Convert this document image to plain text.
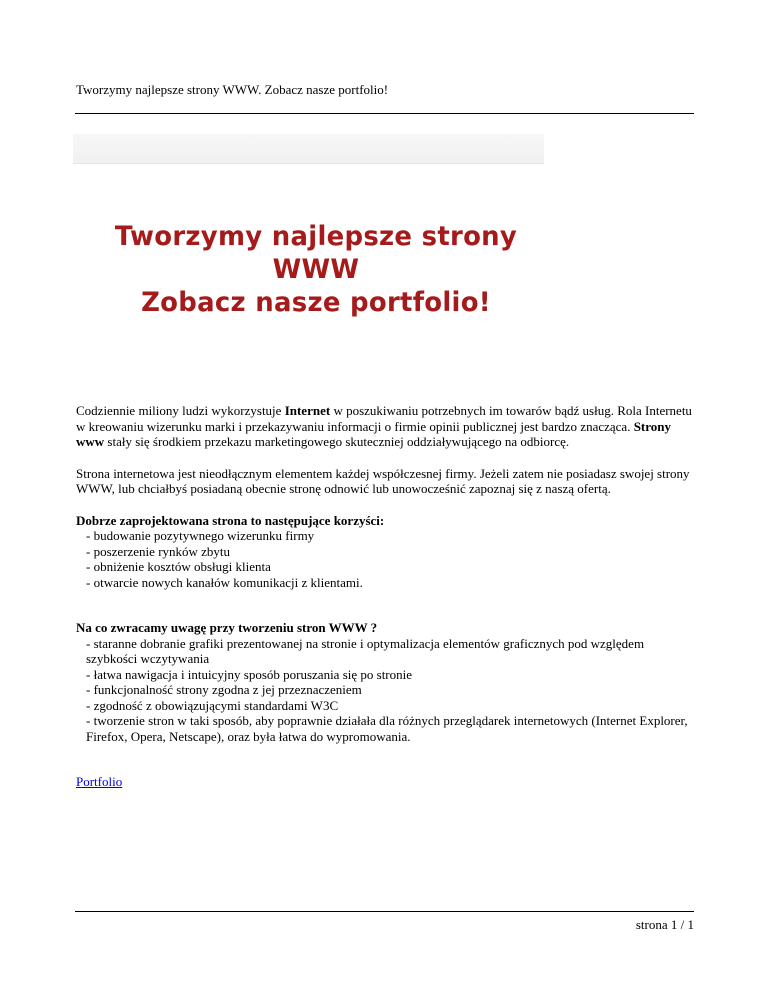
Tworzymy najlepsze strony WWW. Zobacz nasze portfolio!
Tworzymy najlepsze strony WWW
Zobacz nasze portfolio!

Codziennie miliony ludzi wykorzystuje Internet w poszukiwaniu potrzebnych im towarów bądź usług. Rola Internetu w kreowaniu wizerunku marki i przekazywaniu informacji o firmie opinii publicznej jest bardzo znacząca. Strony www stały się środkiem przekazu marketingowego skuteczniej oddziaływującego na odbiorcę.

Strona internetowa jest nieodłącznym elementem każdej współczesnej firmy. Jeżeli zatem nie posiadasz swojej strony WWW, lub chciałbyś posiadaną obecnie stronę odnowić lub unowocześnić zapoznaj się z naszą ofertą.

Dobrze zaprojektowana strona to następujące korzyści:

- budowanie pozytywnego wizerunku firmy
- poszerzenie rynków zbytu
- obniżenie kosztów obsługi klienta
- otwarcie nowych kanałów komunikacji z klientami.

Na co zwracamy uwagę przy tworzeniu stron WWW ?

- staranne dobranie grafiki prezentowanej na stronie i optymalizacja elementów graficznych pod względem szybkości wczytywania
- łatwa nawigacja i intuicyjny sposób poruszania się po stronie
- funkcjonalność strony zgodna z jej przeznaczeniem
- zgodność z obowiązującymi standardami W3C
- tworzenie stron w taki sposób, aby poprawnie działała dla różnych przeglądarek internetowych (Internet Explorer, Firefox, Opera, Netscape), oraz była łatwa do wypromowania.
Portfolio
strona 1 / 1
